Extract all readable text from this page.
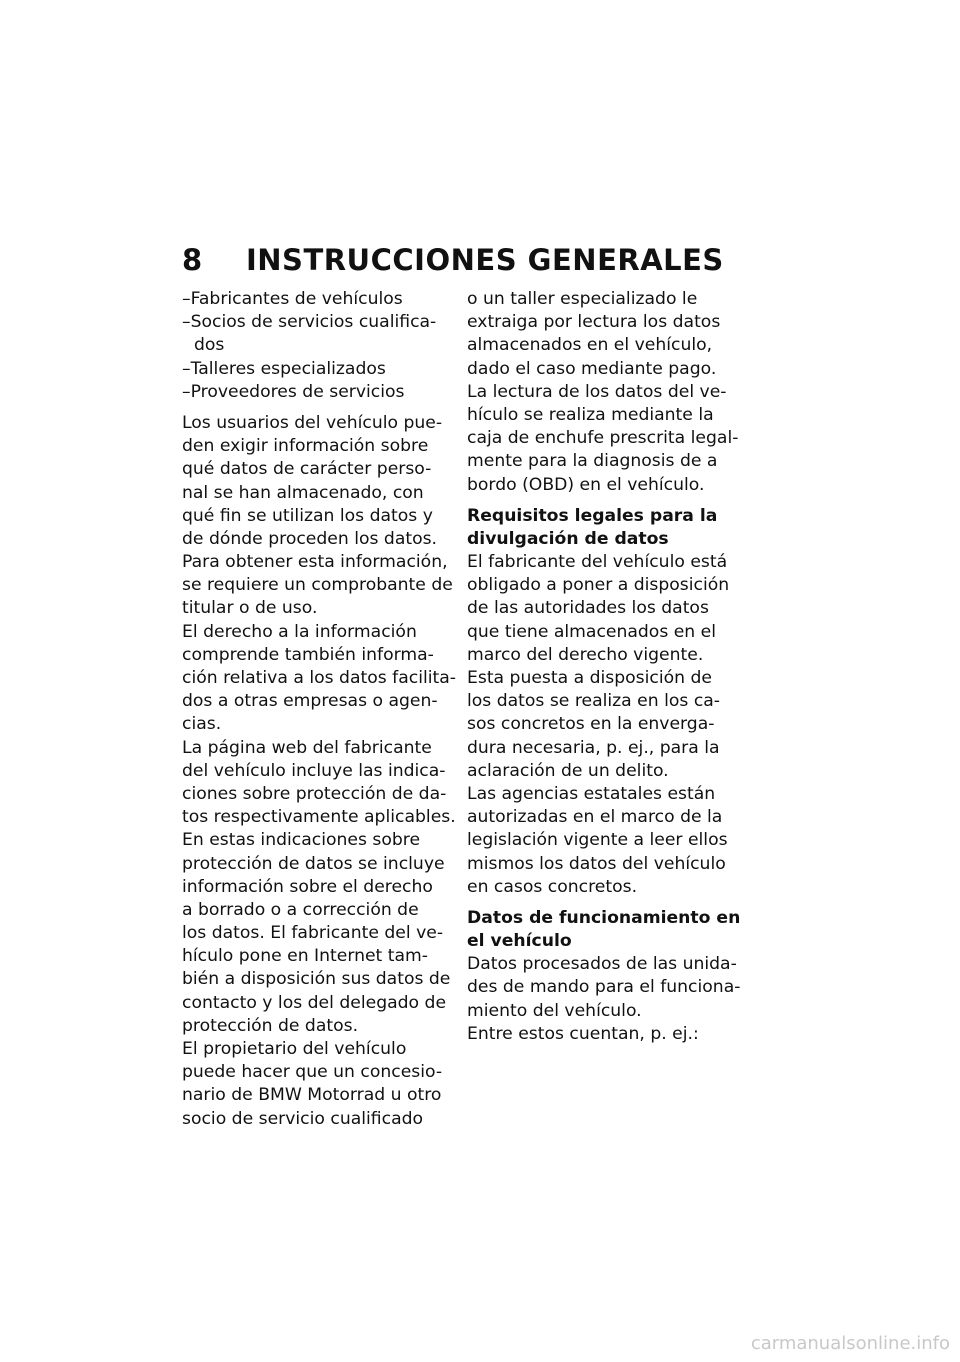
8 INSTRUCCIONES GENERALES
–Fabricantes de vehículos
–Socios de servicios cualifica-
dos
–Talleres especializados
–Proveedores de servicios
Los usuarios del vehículo pue-
den exigir información sobre
qué datos de carácter perso-
nal se han almacenado, con
qué fin se utilizan los datos y
de dónde proceden los datos.
Para obtener esta información,
se requiere un comprobante de
titular o de uso.
El derecho a la información
comprende también informa-
ción relativa a los datos facilita-
dos a otras empresas o agen-
cias.
La página web del fabricante
del vehículo incluye las indica-
ciones sobre protección de da-
tos respectivamente aplicables.
En estas indicaciones sobre
protección de datos se incluye
información sobre el derecho
a borrado o a corrección de
los datos. El fabricante del ve-
hículo pone en Internet tam-
bién a disposición sus datos de
contacto y los del delegado de
protección de datos.
El propietario del vehículo
puede hacer que un concesio-
nario de BMW Motorrad u otro
socio de servicio cualificado
o un taller especializado le
extraiga por lectura los datos
almacenados en el vehículo,
dado el caso mediante pago.
La lectura de los datos del ve-
hículo se realiza mediante la
caja de enchufe prescrita legal-
mente para la diagnosis de a
bordo (OBD) en el vehículo.
Requisitos legales para la
divulgación de datos
El fabricante del vehículo está
obligado a poner a disposición
de las autoridades los datos
que tiene almacenados en el
marco del derecho vigente.
Esta puesta a disposición de
los datos se realiza en los ca-
sos concretos en la enverga-
dura necesaria, p. ej., para la
aclaración de un delito.
Las agencias estatales están
autorizadas en el marco de la
legislación vigente a leer ellos
mismos los datos del vehículo
en casos concretos.
Datos de funcionamiento en
el vehículo
Datos procesados de las unida-
des de mando para el funciona-
miento del vehículo.
Entre estos cuentan, p. ej.:
carmanualsonline.info
